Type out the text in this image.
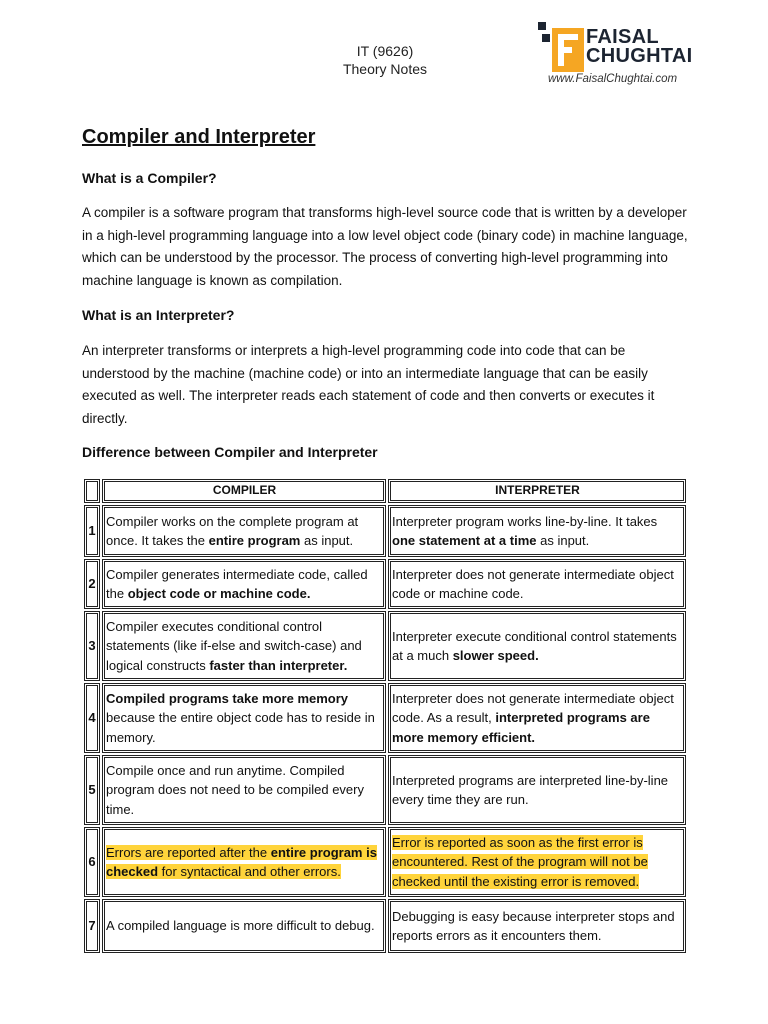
IT (9626)
Theory Notes
FAISAL
CHUGHTAI
www.FaisalChughtai.com
Compiler and Interpreter
What is a Compiler?
A compiler is a software program that transforms high-level source code that is written by a developer in a high-level programming language into a low level object code (binary code) in machine language, which can be understood by the processor. The process of converting high-level programming into machine language is known as compilation.
What is an Interpreter?
An interpreter transforms or interprets a high-level programming code into code that can be understood by the machine (machine code) or into an intermediate language that can be easily executed as well. The interpreter reads each statement of code and then converts or executes it directly.
Difference between Compiler and Interpreter
COMPILER	INTERPRETER
1
Compiler works on the complete program at once. It takes the entire program as input.
Interpreter program works line-by-line. It takes one statement at a time as input.
2
Compiler generates intermediate code, called the object code or machine code.
Interpreter does not generate intermediate object code or machine code.
3
Compiler executes conditional control statements (like if-else and switch-case) and logical constructs faster than interpreter.
Interpreter execute conditional control statements at a much slower speed.
4
Compiled programs take more memory because the entire object code has to reside in memory.
Interpreter does not generate intermediate object code. As a result, interpreted programs are more memory efficient.
5
Compile once and run anytime. Compiled program does not need to be compiled every time.
Interpreted programs are interpreted line-by-line every time they are run.
6
Errors are reported after the entire program is checked for syntactical and other errors.
Error is reported as soon as the first error is encountered. Rest of the program will not be checked until the existing error is removed.
7 A compiled language is more difficult to debug.
Debugging is easy because interpreter stops and reports errors as it encounters them.
